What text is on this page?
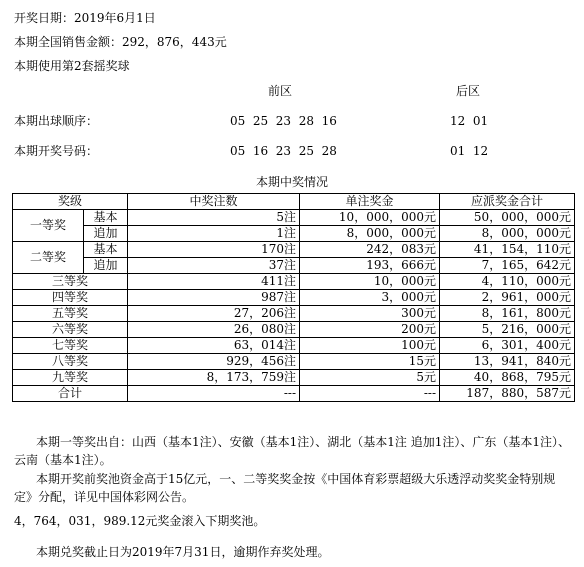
开奖日期：2019年6月1日
本期全国销售金额：292，876，443元
本期使用第2套摇奖球
前区	后区
本期出球顺序：	05  25  23  28  16	12  01
本期开奖号码：	05  16  23  25  28	01  12
本期中奖情况
奖级		中奖注数	单注奖金	应派奖金合计
一等奖	基本	5注	10，000，000元	50，000，000元
	追加	1注	8，000，000元	8，000，000元
二等奖	基本	170注	242，083元	41，154，110元
	追加	37注	193，666元	7，165，642元
三等奖		411注	10，000元	4，110，000元
四等奖		987注	3，000元	2，961，000元
五等奖		27，206注	300元	8，161，800元
六等奖		26，080注	200元	5，216，000元
七等奖		63，014注	100元	6，301，400元
八等奖		929，456注	15元	13，941，840元
九等奖		8，173，759注	5元	40，868，795元
合计		---	---	187，880，587元
本期一等奖出自：山西（基本1注）、安徽（基本1注）、湖北（基本1注 追加1注）、广东（基本1注）、云南（基本1注）。
本期开奖前奖池资金高于15亿元，一、二等奖奖金按《中国体育彩票超级大乐透浮动奖奖金特别规定》分配，详见中国体彩网公告。
4，764，031，989.12元奖金滚入下期奖池。
本期兑奖截止日为2019年7月31日，逾期作弃奖处理。
